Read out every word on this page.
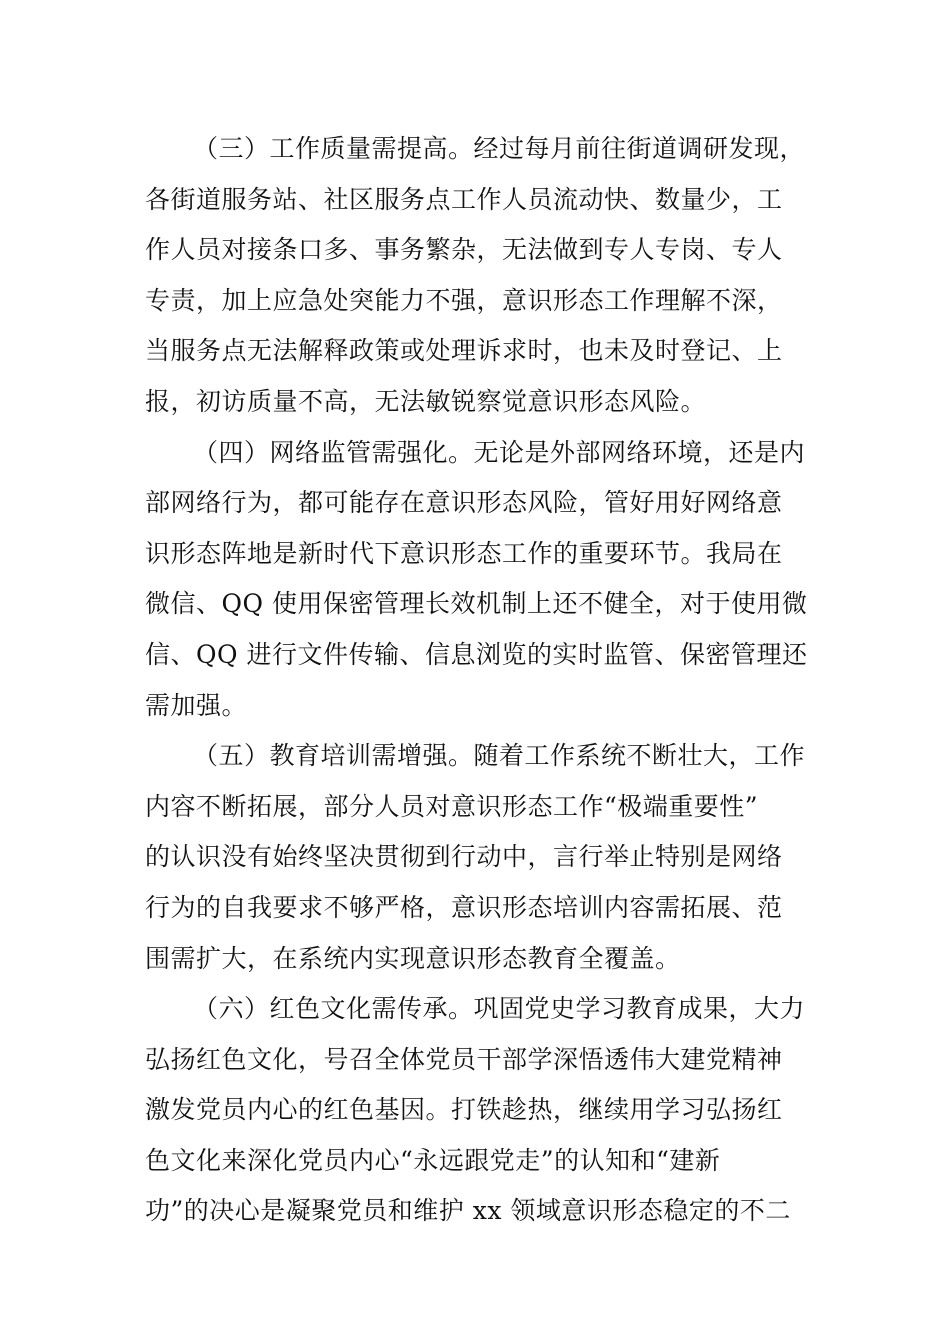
（三）工作质量需提高。经过每月前往街道调研发现，
各街道服务站、社区服务点工作人员流动快、数量少，工
作人员对接条口多、事务繁杂，无法做到专人专岗、专人
专责，加上应急处突能力不强，意识形态工作理解不深，
当服务点无法解释政策或处理诉求时，也未及时登记、上
报，初访质量不高，无法敏锐察觉意识形态风险。
（四）网络监管需强化。无论是外部网络环境，还是内
部网络行为，都可能存在意识形态风险，管好用好网络意
识形态阵地是新时代下意识形态工作的重要环节。我局在
微信、QQ 使用保密管理长效机制上还不健全，对于使用微
信、QQ 进行文件传输、信息浏览的实时监管、保密管理还
需加强。
（五）教育培训需增强。随着工作系统不断壮大，工作
内容不断拓展，部分人员对意识形态工作“极端重要性”
的认识没有始终坚决贯彻到行动中，言行举止特别是网络
行为的自我要求不够严格，意识形态培训内容需拓展、范
围需扩大，在系统内实现意识形态教育全覆盖。
（六）红色文化需传承。巩固党史学习教育成果，大力
弘扬红色文化，号召全体党员干部学深悟透伟大建党精神
激发党员内心的红色基因。打铁趁热，继续用学习弘扬红
色文化来深化党员内心“永远跟党走”的认知和“建新
功”的决心是凝聚党员和维护 xx 领域意识形态稳定的不二
